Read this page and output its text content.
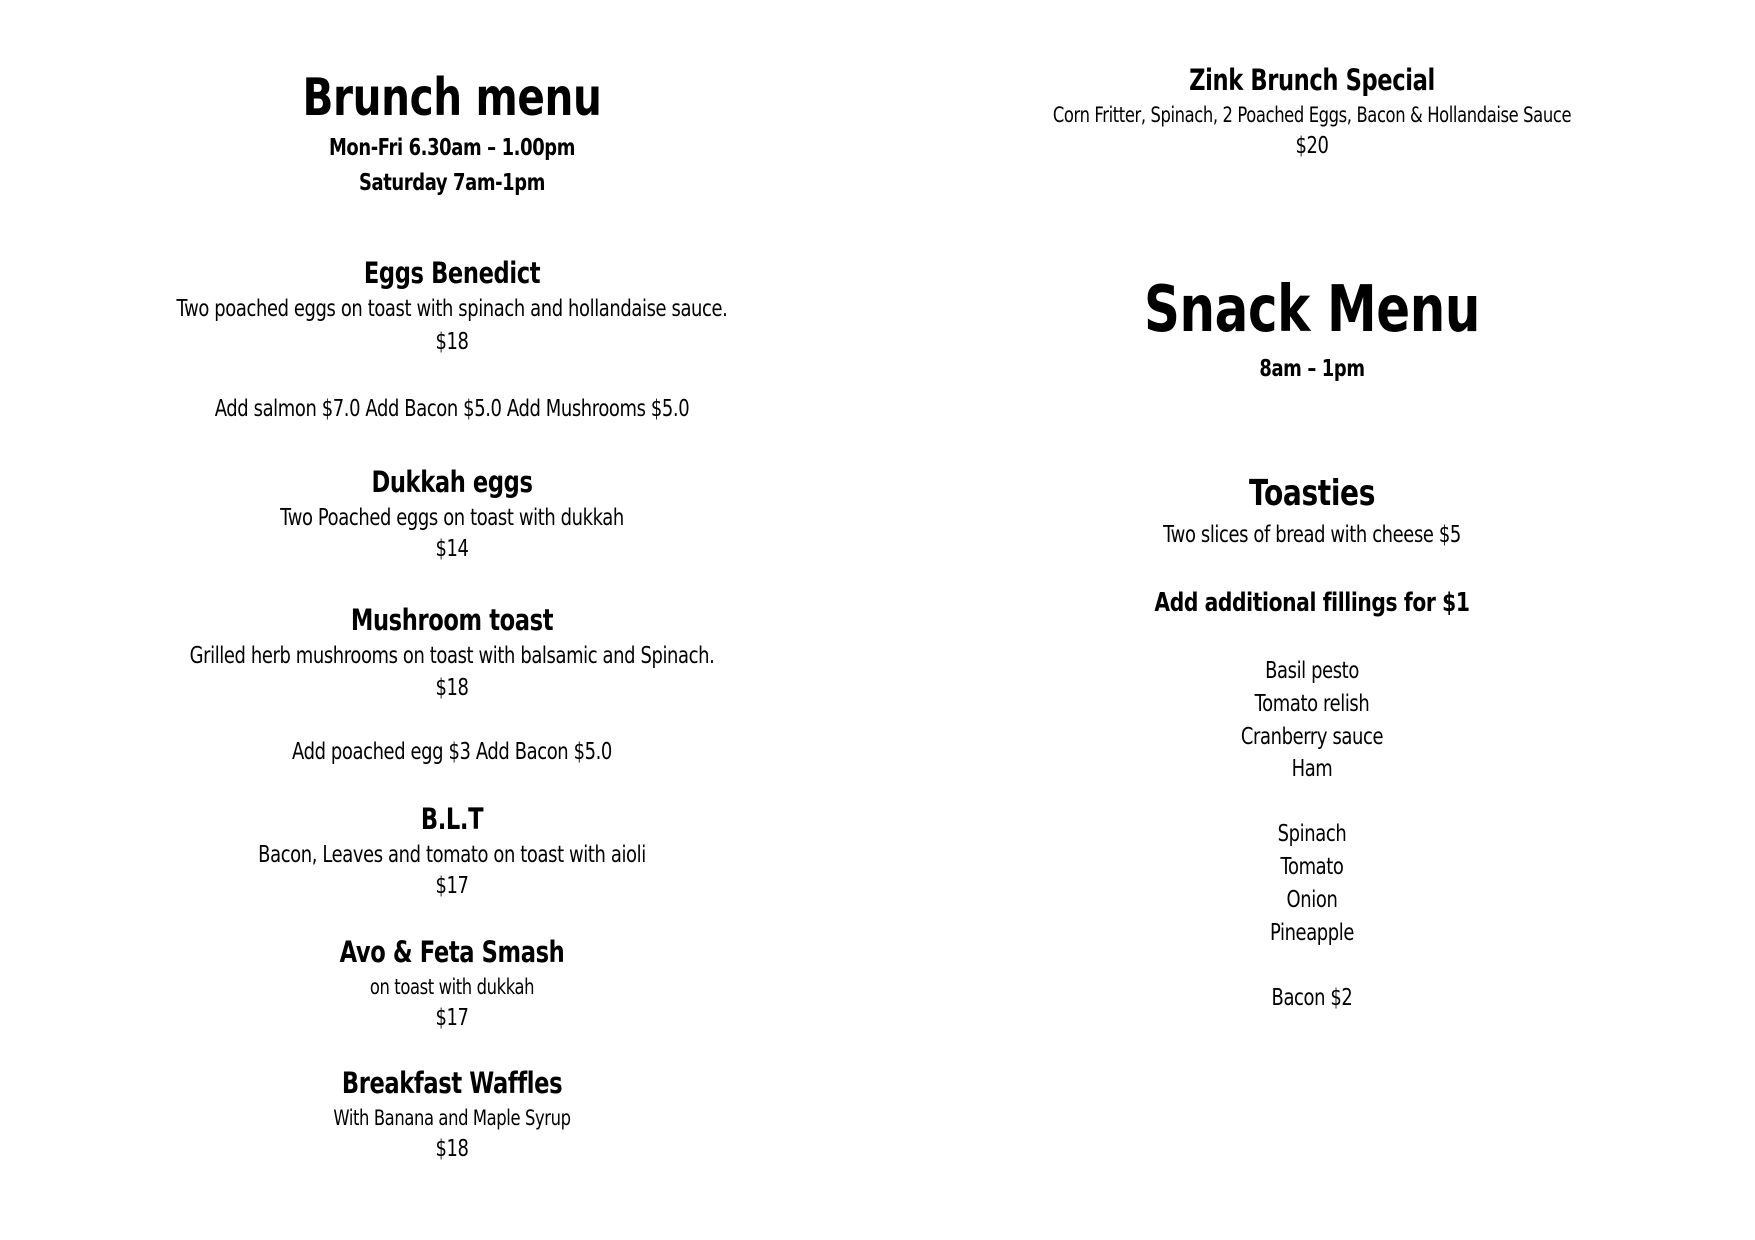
Brunch menu
Mon-Fri 6.30am – 1.00pm
Saturday 7am-1pm
Eggs Benedict
Two poached eggs on toast with spinach and hollandaise sauce.
$18
Add salmon $7.0 Add Bacon $5.0 Add Mushrooms $5.0
Dukkah eggs
Two Poached eggs on toast with dukkah
$14
Mushroom toast
Grilled herb mushrooms on toast with balsamic and Spinach.
$18
Add poached egg $3 Add Bacon $5.0
B.L.T
Bacon, Leaves and tomato on toast with aioli
$17
Avo & Feta Smash
on toast with dukkah
$17
Breakfast Waffles
With Banana and Maple Syrup
$18
Zink Brunch Special
Corn Fritter, Spinach, 2 Poached Eggs, Bacon & Hollandaise Sauce
$20
Snack Menu
8am – 1pm
Toasties
Two slices of bread with cheese $5
Add additional fillings for $1
Basil pesto
Tomato relish
Cranberry sauce
Ham
Spinach
Tomato
Onion
Pineapple
Bacon $2
